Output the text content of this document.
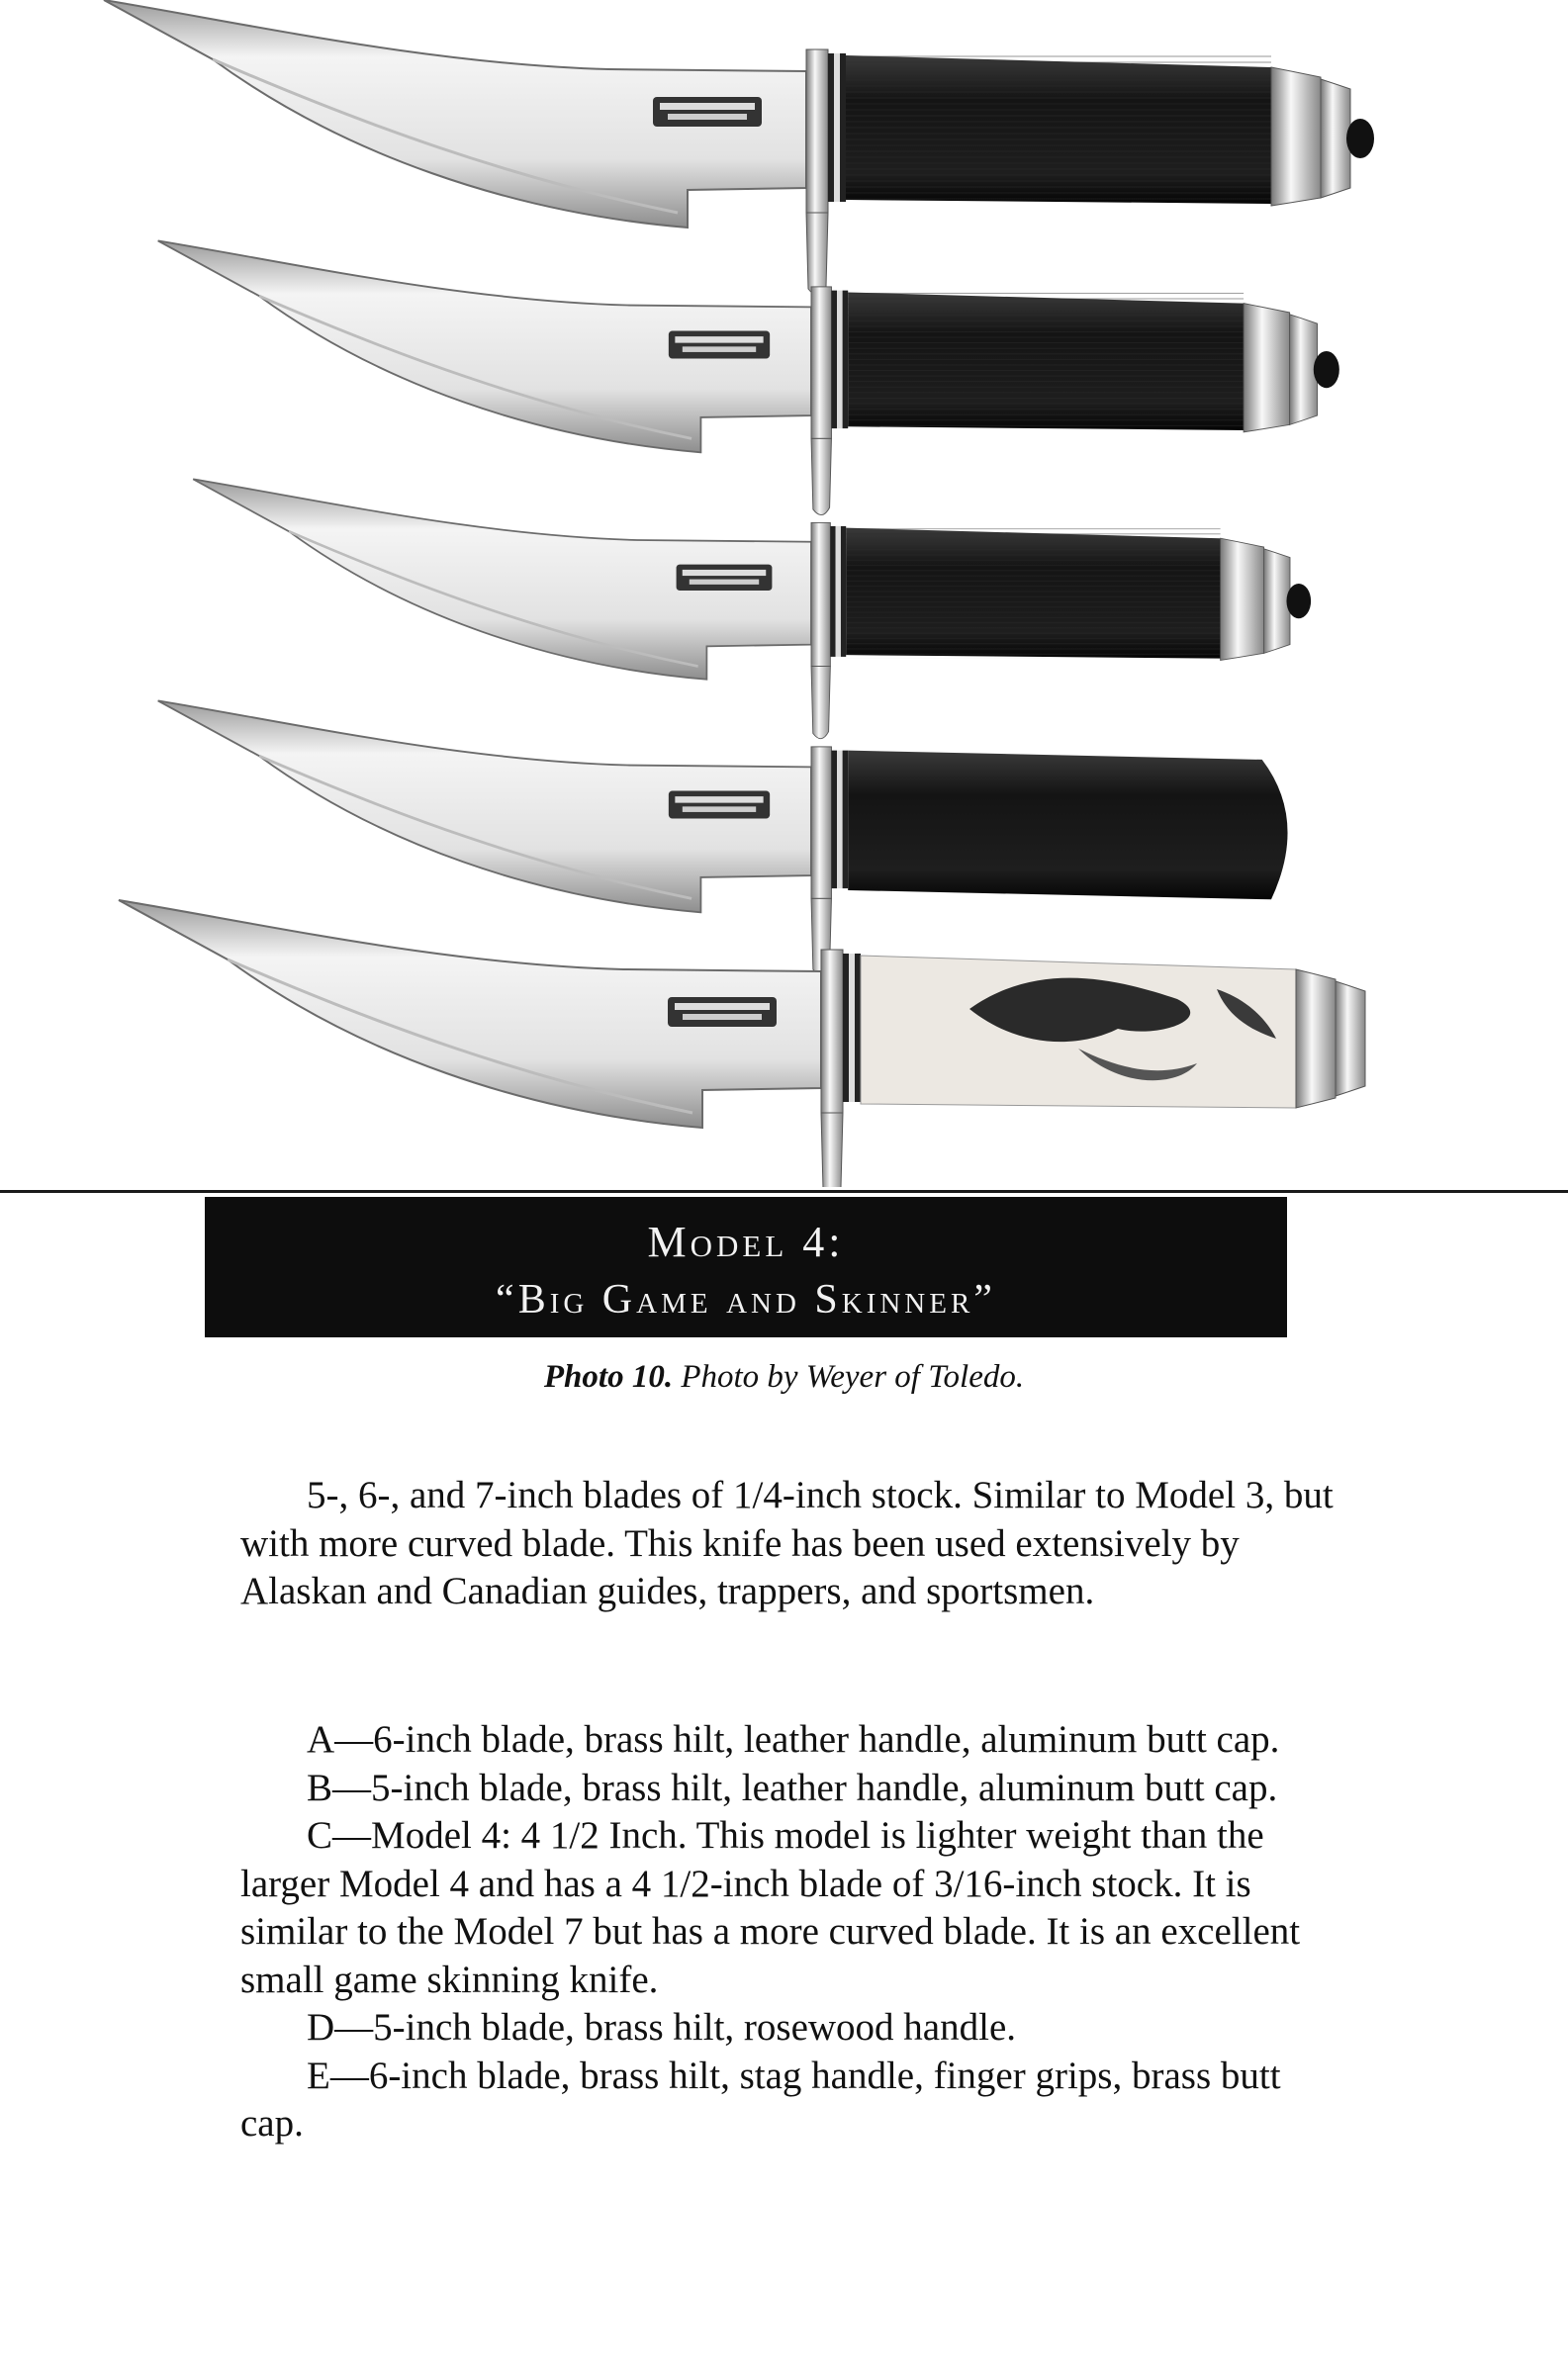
Model 4:
“Big Game and Skinner”
Photo 10. Photo by Weyer of Toledo.

5-, 6-, and 7-inch blades of 1/4-inch stock. Similar to Model 3, but with more curved blade. This knife has been used extensively by Alaskan and Canadian guides, trappers, and sportsmen.

A—6-inch blade, brass hilt, leather handle, aluminum butt cap.

B—5-inch blade, brass hilt, leather handle, aluminum butt cap.

C—Model 4: 4 1/2 Inch. This model is lighter weight than the larger Model 4 and has a 4 1/2-inch blade of 3/16-inch stock. It is similar to the Model 7 but has a more curved blade. It is an excellent small game skinning knife.

D—5-inch blade, brass hilt, rosewood handle.

E—6-inch blade, brass hilt, stag handle, finger grips, brass butt cap.
